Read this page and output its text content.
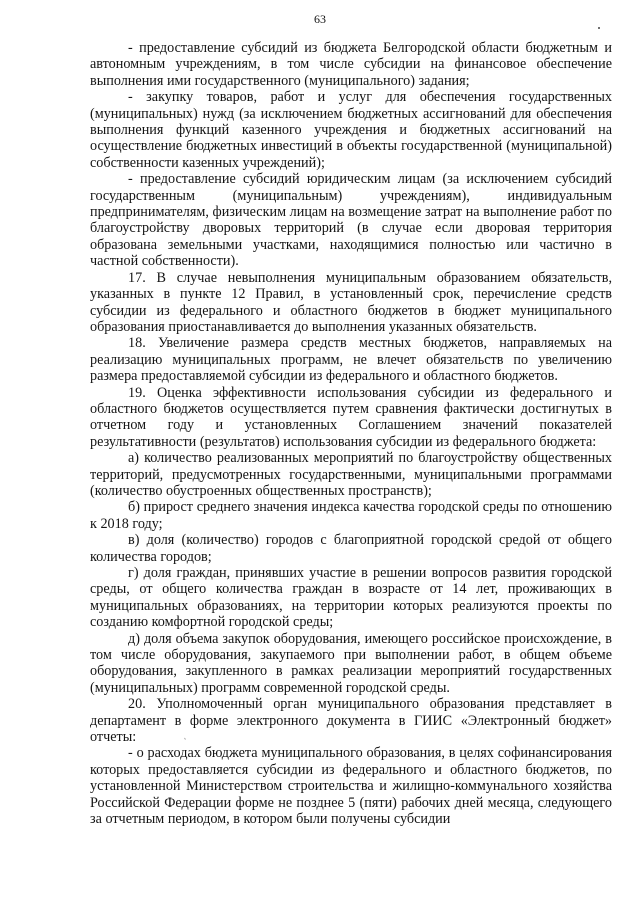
63

- предоставление субсидий из бюджета Белгородской области бюджетным и автономным учреждениям, в том числе субсидии на финансовое обеспечение выполнения ими государственного (муниципального) задания;

- закупку товаров, работ и услуг для обеспечения государственных (муниципальных) нужд (за исключением бюджетных ассигнований для обеспечения выполнения функций казенного учреждения и бюджетных ассигнований на осуществление бюджетных инвестиций в объекты государственной (муниципальной) собственности казенных учреждений);

- предоставление субсидий юридическим лицам (за исключением субсидий государственным (муниципальным) учреждениям), индивидуальным предпринимателям, физическим лицам на возмещение затрат на выполнение работ по благоустройству дворовых территорий (в случае если дворовая территория образована земельными участками, находящимися полностью или частично в частной собственности).

17. В случае невыполнения муниципальным образованием обязательств, указанных в пункте 12 Правил, в установленный срок, перечисление средств субсидии из федерального и областного бюджетов в бюджет муниципального образования приостанавливается до выполнения указанных обязательств.

18. Увеличение размера средств местных бюджетов, направляемых на реализацию муниципальных программ, не влечет обязательств по увеличению размера предоставляемой субсидии из федерального и областного бюджетов.

19. Оценка эффективности использования субсидии из федерального и областного бюджетов осуществляется путем сравнения фактически достигнутых в отчетном году и установленных Соглашением значений показателей результативности (результатов) использования субсидии из федерального бюджета:

а) количество реализованных мероприятий по благоустройству общественных территорий, предусмотренных государственными, муниципальными программами (количество обустроенных общественных пространств);

б) прирост среднего значения индекса качества городской среды по отношению к 2018 году;

в) доля (количество) городов с благоприятной городской средой от общего количества городов;

г) доля граждан, принявших участие в решении вопросов развития городской среды, от общего количества граждан в возрасте от 14 лет, проживающих в муниципальных образованиях, на территории которых реализуются проекты по созданию комфортной городской среды;

д) доля объема закупок оборудования, имеющего российское происхождение, в том числе оборудования, закупаемого при выполнении работ, в общем объеме оборудования, закупленного в рамках реализации мероприятий государственных (муниципальных) программ современной городской среды.

20. Уполномоченный орган муниципального образования представляет в департамент в форме электронного документа в ГИИС «Электронный бюджет» отчеты:

- о расходах бюджета муниципального образования, в целях софинансирования которых предоставляется субсидии из федерального и областного бюджетов, по установленной Министерством строительства и жилищно-коммунального хозяйства Российской Федерации форме не позднее 5 (пяти) рабочих дней месяца, следующего за отчетным периодом, в котором были получены субсидии

`
